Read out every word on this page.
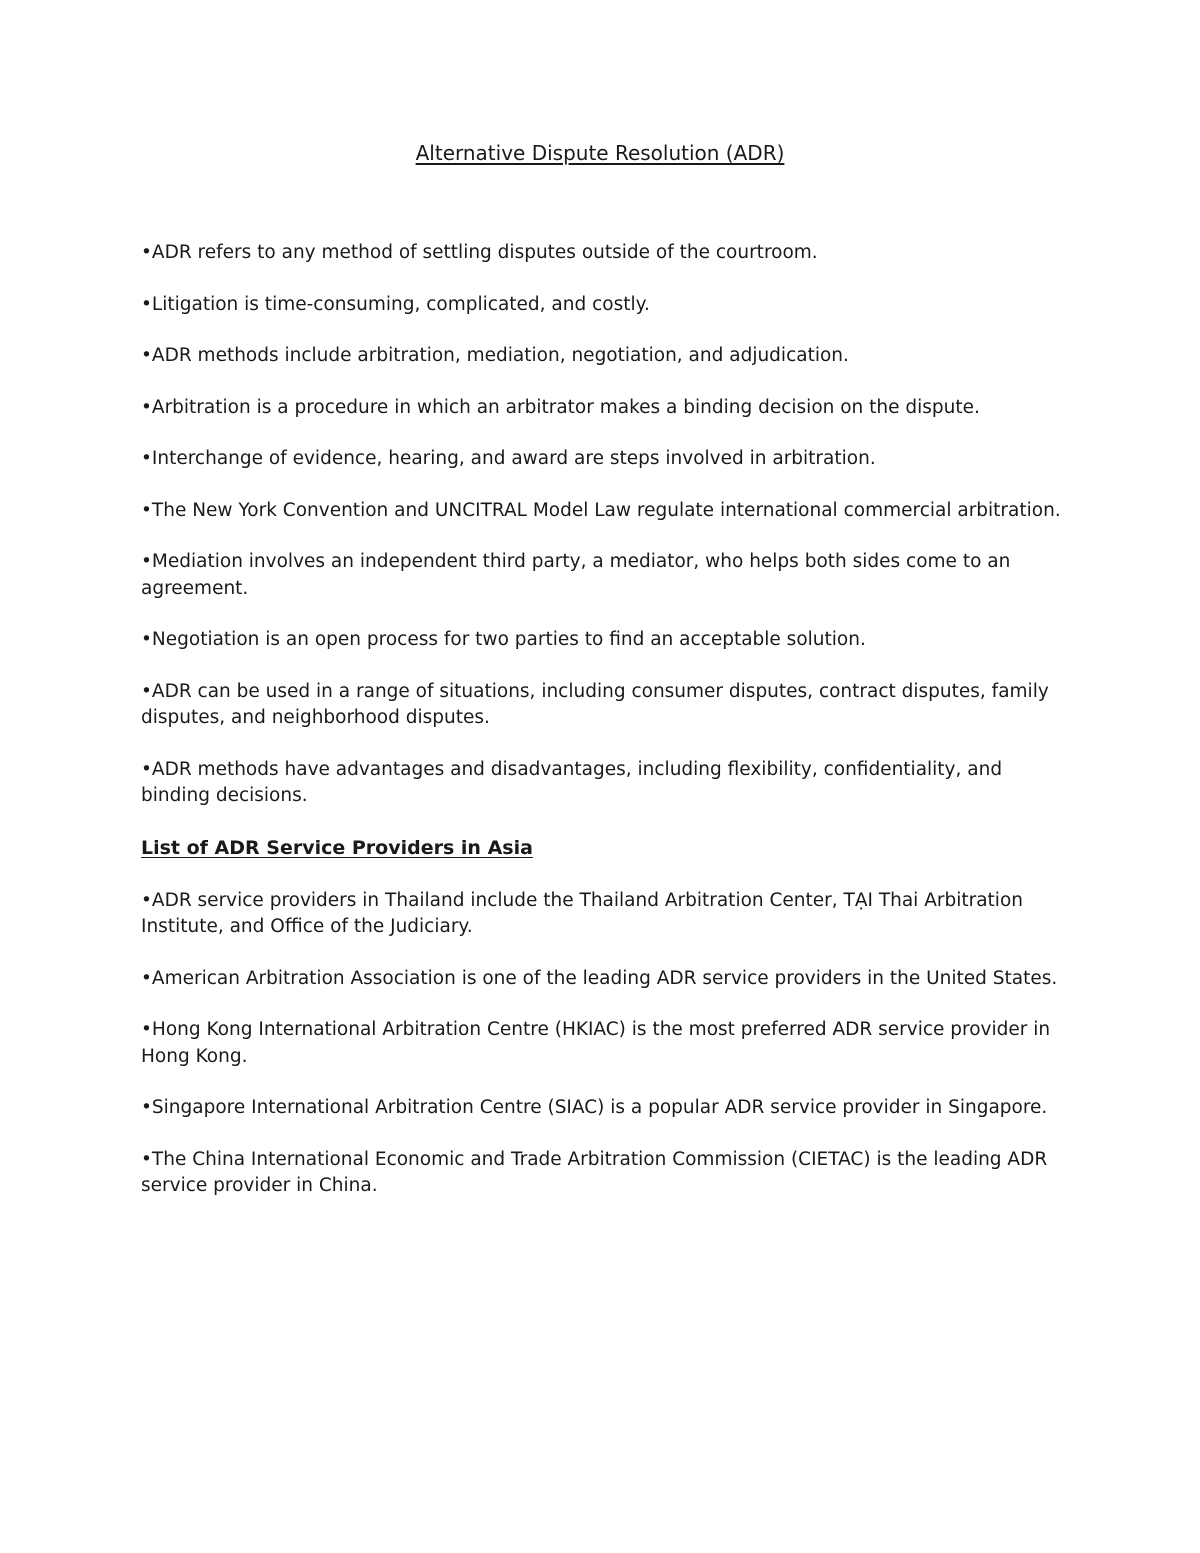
Alternative Dispute Resolution (ADR)

•ADR refers to any method of settling disputes outside of the courtroom.

•Litigation is time-consuming, complicated, and costly.

•ADR methods include arbitration, mediation, negotiation, and adjudication.

•Arbitration is a procedure in which an arbitrator makes a binding decision on the dispute.

•Interchange of evidence, hearing, and award are steps involved in arbitration.

•The New York Convention and UNCITRAL Model Law regulate international commercial arbitration.

•Mediation involves an independent third party, a mediator, who helps both sides come to an agreement.

•Negotiation is an open process for two parties to find an acceptable solution.

•ADR can be used in a range of situations, including consumer disputes, contract disputes, family disputes, and neighborhood disputes.

•ADR methods have advantages and disadvantages, including flexibility, confidentiality, and binding decisions.

List of ADR Service Providers in Asia

•ADR service providers in Thailand include the Thailand Arbitration Center, TẠI Thai Arbitration Institute, and Office of the Judiciary.

•American Arbitration Association is one of the leading ADR service providers in the United States.

•Hong Kong International Arbitration Centre (HKIAC) is the most preferred ADR service provider in Hong Kong.

•Singapore International Arbitration Centre (SIAC) is a popular ADR service provider in Singapore.

•The China International Economic and Trade Arbitration Commission (CIETAC) is the leading ADR service provider in China.
